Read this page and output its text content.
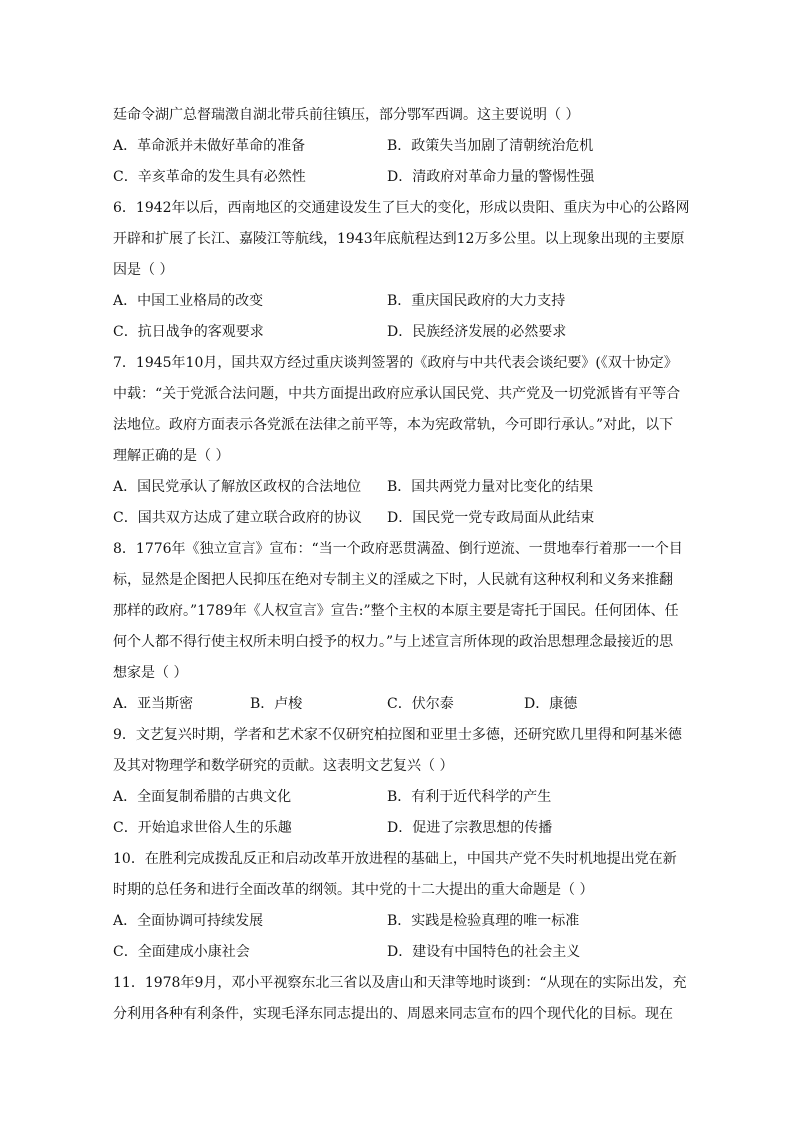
廷命令湖广总督瑞澂自湖北带兵前往镇压，部分鄂军西调。这主要说明（ ）
A．革命派并未做好革命的准备	B．政策失当加剧了清朝统治危机
C．辛亥革命的发生具有必然性	D．清政府对革命力量的警惕性强
6．1942年以后，西南地区的交通建设发生了巨大的变化，形成以贵阳、重庆为中心的公路网
开辟和扩展了长江、嘉陵江等航线，1943年底航程达到12万多公里。以上现象出现的主要原
因是（ ）
A．中国工业格局的改变	B．重庆国民政府的大力支持
C．抗日战争的客观要求	D．民族经济发展的必然要求
7．1945年10月，国共双方经过重庆谈判签署的《政府与中共代表会谈纪要》(《双十协定》
中载：“关于党派合法问题，中共方面提出政府应承认国民党、共产党及一切党派皆有平等合
法地位。政府方面表示各党派在法律之前平等，本为宪政常轨，今可即行承认。”对此，以下
理解正确的是（ ）
A．国民党承认了解放区政权的合法地位	B．国共两党力量对比变化的结果
C．国共双方达成了建立联合政府的协议	D．国民党一党专政局面从此结束
8．1776年《独立宣言》宣布：“当一个政府恶贯满盈、倒行逆流、一贯地奉行着那一一个目
标，显然是企图把人民抑压在绝对专制主义的淫威之下时，人民就有这种权利和义务来推翻
那样的政府。”1789年《人权宣言》宣告:”整个主权的本原主要是寄托于国民。任何团体、任
何个人都不得行使主权所未明白授予的权力。”与上述宣言所体现的政治思想理念最接近的思
想家是（ ）
A．亚当斯密	B．卢梭	C．伏尔泰	D．康德
9．文艺复兴时期，学者和艺术家不仅研究柏拉图和亚里士多德，还研究欧几里得和阿基米德
及其对物理学和数学研究的贡献。这表明文艺复兴（ ）
A．全面复制希腊的古典文化	B．有利于近代科学的产生
C．开始追求世俗人生的乐趣	D．促进了宗教思想的传播
10．在胜利完成拨乱反正和启动改革开放进程的基础上，中国共产党不失时机地提出党在新
时期的总任务和进行全面改革的纲领。其中党的十二大提出的重大命题是（ ）
A．全面协调可持续发展	B．实践是检验真理的唯一标准
C．全面建成小康社会	D．建设有中国特色的社会主义
11．1978年9月，邓小平视察东北三省以及唐山和天津等地时谈到：“从现在的实际出发，充
分利用各种有利条件，实现毛泽东同志提出的、周恩来同志宣布的四个现代化的目标。现在
